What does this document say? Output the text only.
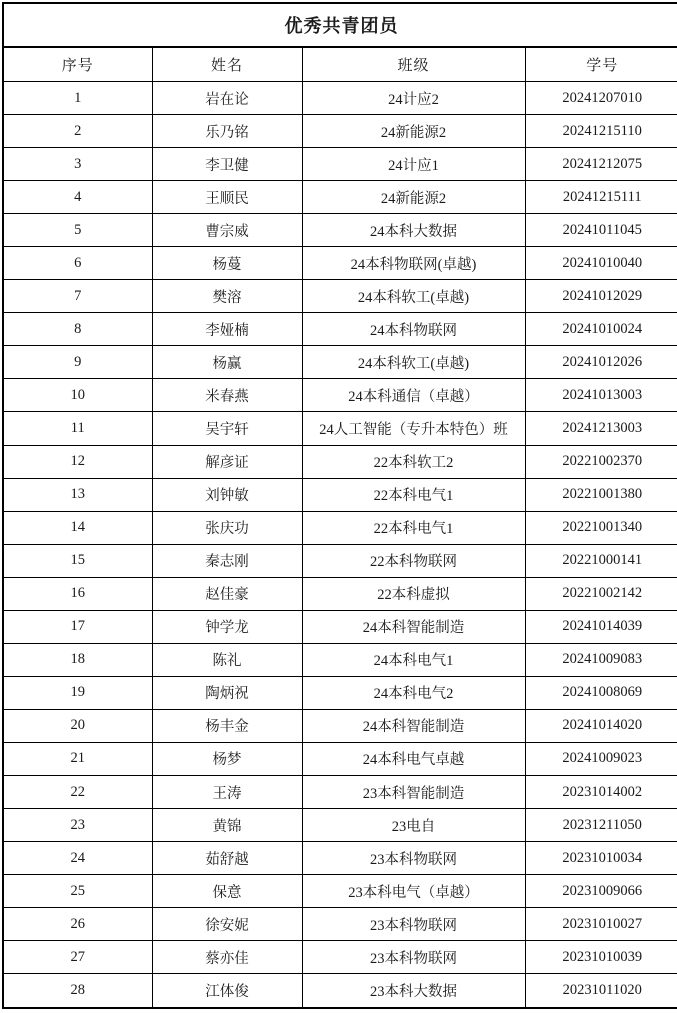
优秀共青团员			
序号	姓名	班级	学号
1	岩在论	24计应2	20241207010
2	乐乃铭	24新能源2	20241215110
3	李卫健	24计应1	20241212075
4	王顺民	24新能源2	20241215111
5	曹宗威	24本科大数据	20241011045
6	杨蔓	24本科物联网(卓越)	20241010040
7	樊溶	24本科软工(卓越)	20241012029
8	李娅楠	24本科物联网	20241010024
9	杨赢	24本科软工(卓越)	20241012026
10	米春燕	24本科通信（卓越）	20241013003
11	吴宇轩	24人工智能（专升本特色）班	20241213003
12	解彦证	22本科软工2	20221002370
13	刘钟敏	22本科电气1	20221001380
14	张庆功	22本科电气1	20221001340
15	秦志刚	22本科物联网	20221000141
16	赵佳豪	22本科虚拟	20221002142
17	钟学龙	24本科智能制造	20241014039
18	陈礼	24本科电气1	20241009083
19	陶炳祝	24本科电气2	20241008069
20	杨丰金	24本科智能制造	20241014020
21	杨梦	24本科电气卓越	20241009023
22	王涛	23本科智能制造	20231014002
23	黄锦	23电自	20231211050
24	茹舒越	23本科物联网	20231010034
25	保意	23本科电气（卓越）	20231009066
26	徐安妮	23本科物联网	20231010027
27	蔡亦佳	23本科物联网	20231010039
28	江体俊	23本科大数据	20231011020
